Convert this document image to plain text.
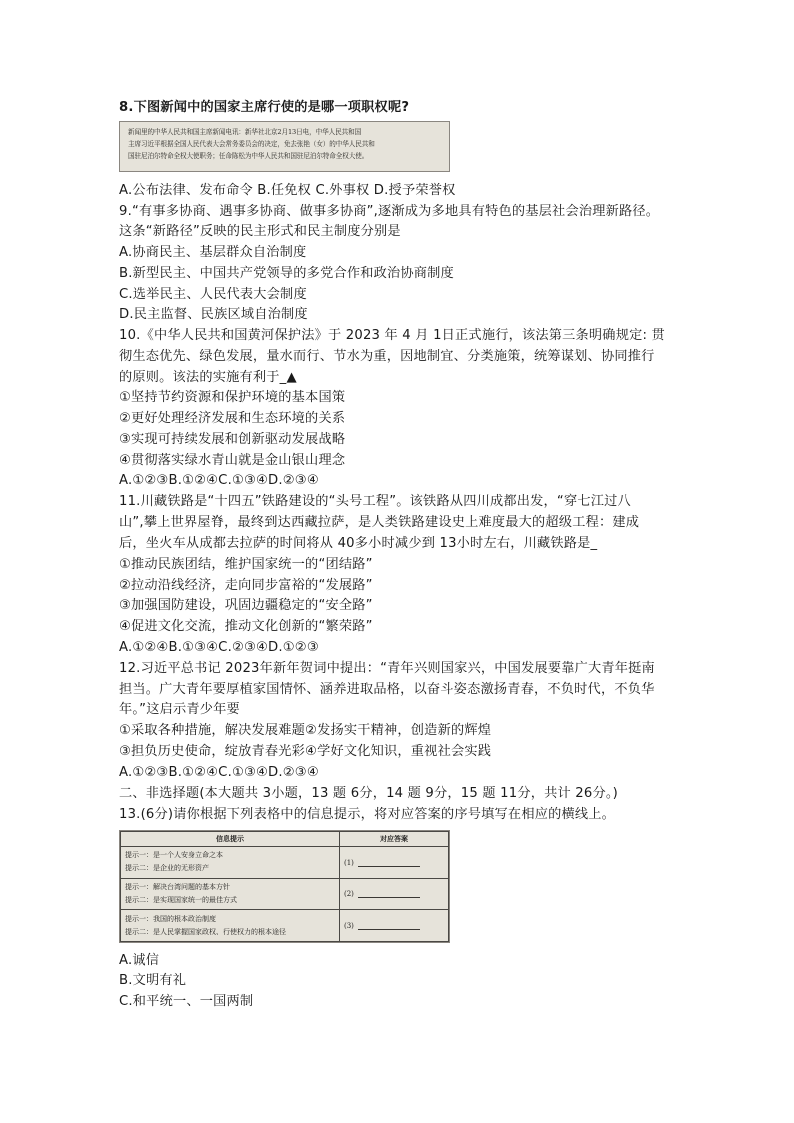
8.下图新闻中的国家主席行使的是哪一项职权呢?

新闻里的中华人民共和国主席新闻电讯：新华社北京2月13日电，中华人民共和国

主席习近平根据全国人民代表大会常务委员会的决定，免去张艳（女）的中华人民共和

国驻尼泊尔特命全权大使职务；任命陈松为中华人民共和国驻尼泊尔特命全权大使。

A.公布法律、发布命令 B.任免权 C.外事权 D.授予荣誉权
9.“有事多协商、遇事多协商、做事多协商”,逐渐成为多地具有特色的基层社会治理新路径。
这条“新路径”反映的民主形式和民主制度分别是
A.协商民主、基层群众自治制度
B.新型民主、中国共产党领导的多党合作和政治协商制度
C.选举民主、人民代表大会制度
D.民主监督、民族区域自治制度
10.《中华人民共和国黄河保护法》于 2023 年 4 月 1日正式施行，该法第三条明确规定: 贯
彻生态优先、绿色发展，量水而行、节水为重，因地制宜、分类施策，统筹谋划、协同推行
的原则。该法的实施有利于_▲
①坚持节约资源和保护环境的基本国策
②更好处理经济发展和生态环境的关系
③实现可持续发展和创新驱动发展战略
④贯彻落实绿水青山就是金山银山理念
A.①②③B.①②④C.①③④D.②③④
11.川藏铁路是“十四五”铁路建设的“头号工程”。该铁路从四川成都出发，“穿七江过八
山”,攀上世界屋脊，最终到达西藏拉萨，是人类铁路建设史上难度最大的超级工程：建成
后，坐火车从成都去拉萨的时间将从 40多小时减少到 13小时左右，川藏铁路是_
①推动民族团结，维护国家统一的“团结路”
②拉动沿线经济，走向同步富裕的“发展路”
③加强国防建设，巩固边疆稳定的“安全路”
④促进文化交流，推动文化创新的“繁荣路”
A.①②④B.①③④C.②③④D.①②③
12.习近平总书记 2023年新年贺词中提出：“青年兴则国家兴，中国发展要靠广大青年挺南
担当。广大青年要厚植家国情怀、涵养进取品格，以奋斗姿态激扬青春，不负时代，不负华
年。”这启示青少年要
①采取各种措施，解决发展难题②发扬实干精神，创造新的辉煌
③担负历史使命，绽放青春光彩④学好文化知识，重视社会实践
A.①②③B.①②④C.①③④D.②③④
二、非选择题(本大题共 3小题，13 题 6分，14 题 9分，15 题 11分，共计 26分。)
13.(6分)请你根据下列表格中的信息提示，将对应答案的序号填写在相应的横线上。
信息提示	对应答案

提示一：是一个人安身立命之本
提示二：是企业的无形资产	(1)

提示一：解决台湾问题的基本方针
提示二：是实现国家统一的最佳方式	(2)

提示一：我国的根本政治制度
提示二：是人民掌握国家政权、行使权力的根本途径	(3)
A.诚信
B.文明有礼
C.和平统一、一国两制
